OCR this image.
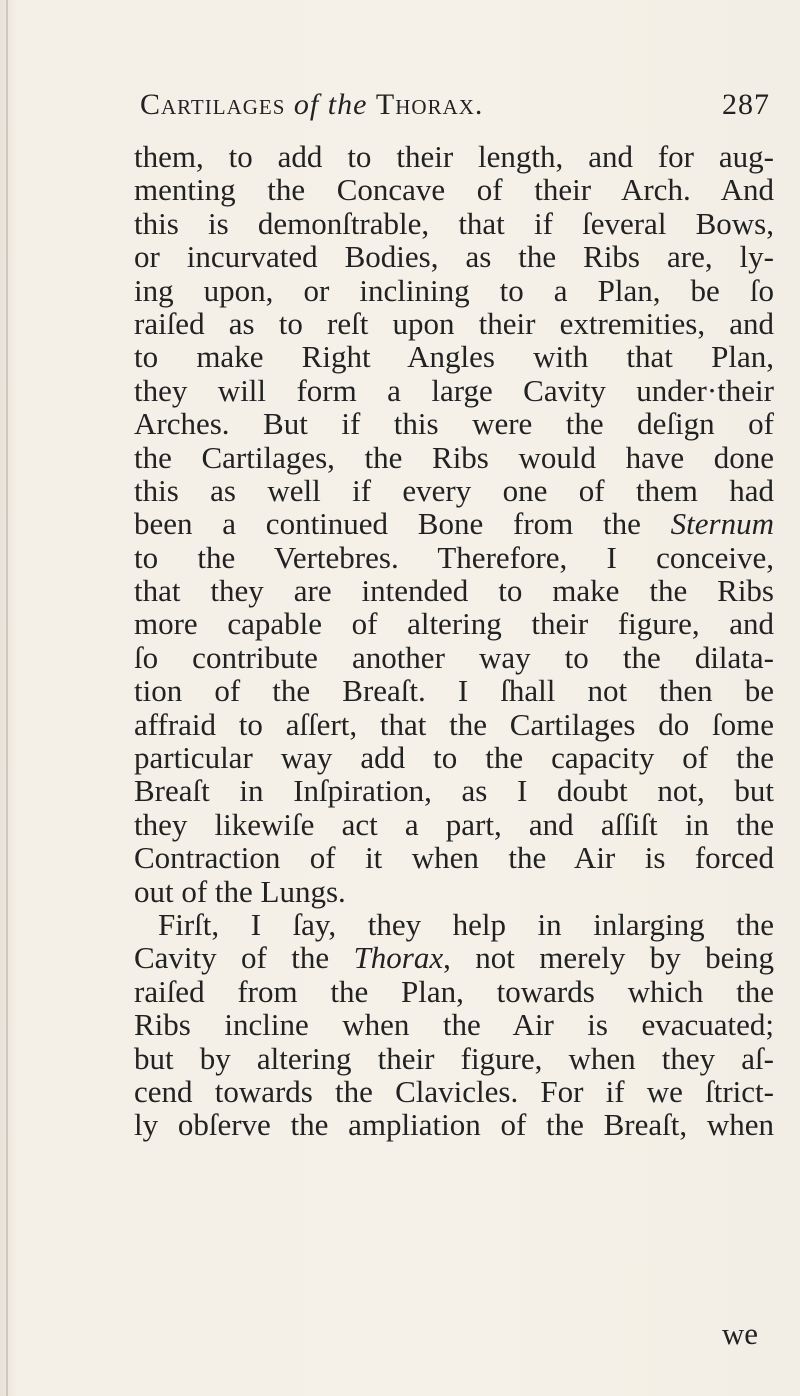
Cartilages of the Thorax.	287
them, to add to their length, and for aug-
menting the Concave of their Arch. And
this is demonſtrable, that if ſeveral Bows,
or incurvated Bodies, as the Ribs are, ly-
ing upon, or inclining to a Plan, be ſo
raiſed as to reſt upon their extremities, and
to make Right Angles with that Plan,
they will form a large Cavity under·their
Arches. But if this were the deſign of
the Cartilages, the Ribs would have done
this as well if every one of them had
been a continued Bone from the Sternum
to the Vertebres. Therefore, I conceive,
that they are intended to make the Ribs
more capable of altering their figure, and
ſo contribute another way to the dilata-
tion of the Breaſt. I ſhall not then be
affraid to aſſert, that the Cartilages do ſome
particular way add to the capacity of the
Breaſt in Inſpiration, as I doubt not, but
they likewiſe act a part, and aſſiſt in the
Contraction of it when the Air is forced
out of the Lungs.
Firſt, I ſay, they help in inlarging the
Cavity of the Thorax, not merely by being
raiſed from the Plan, towards which the
Ribs incline when the Air is evacuated;
but by altering their figure, when they aſ-
cend towards the Clavicles. For if we ſtrict-
ly obſerve the ampliation of the Breaſt, when
we
